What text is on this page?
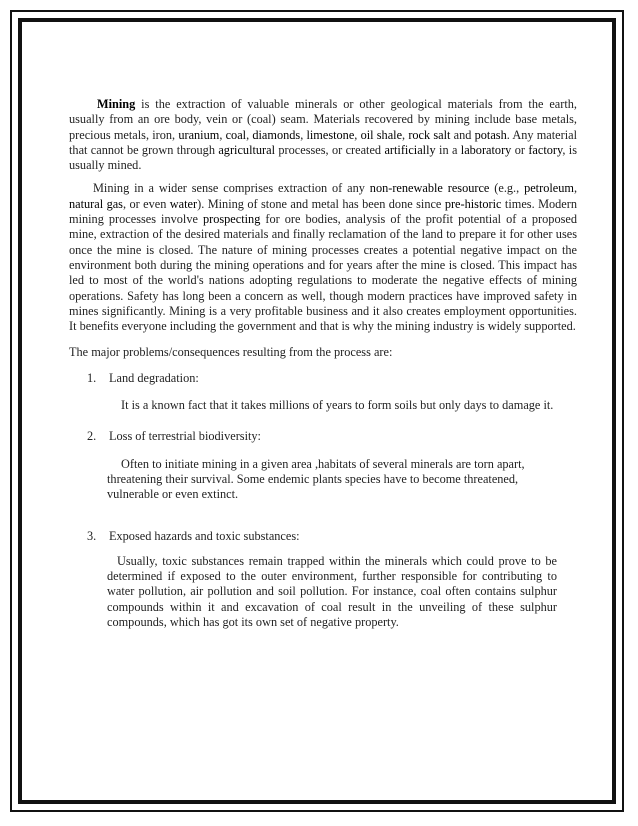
Mining is the extraction of valuable minerals or other geological materials from the earth, usually from an ore body, vein or (coal) seam. Materials recovered by mining include base metals, precious metals, iron, uranium, coal, diamonds, limestone, oil shale, rock salt and potash. Any material that cannot be grown through agricultural processes, or created artificially in a laboratory or factory, is usually mined.

Mining in a wider sense comprises extraction of any non-renewable resource (e.g., petroleum, natural gas, or even water). Mining of stone and metal has been done since pre-historic times. Modern mining processes involve prospecting for ore bodies, analysis of the profit potential of a proposed mine, extraction of the desired materials and finally reclamation of the land to prepare it for other uses once the mine is closed. The nature of mining processes creates a potential negative impact on the environment both during the mining operations and for years after the mine is closed. This impact has led to most of the world's nations adopting regulations to moderate the negative effects of mining operations. Safety has long been a concern as well, though modern practices have improved safety in mines significantly. Mining is a very profitable business and it also creates employment opportunities. It benefits everyone including the government and that is why the mining industry is widely supported.

The major problems/consequences resulting from the process are:

1.	Land degradation:

It is a known fact that it takes millions of years to form soils but only days to damage it.

2.	Loss of terrestrial biodiversity:

Often to initiate mining in a given area ,habitats of several minerals are torn apart, threatening their survival. Some endemic plants species have to become threatened, vulnerable or even extinct.

3.	Exposed hazards and toxic substances:

Usually, toxic substances remain trapped within the minerals which could prove to be determined if exposed to the outer environment, further responsible for contributing to water pollution, air pollution and soil pollution. For instance, coal often contains sulphur compounds within it and excavation of coal result in the unveiling of these sulphur compounds, which has got its own set of negative property.
